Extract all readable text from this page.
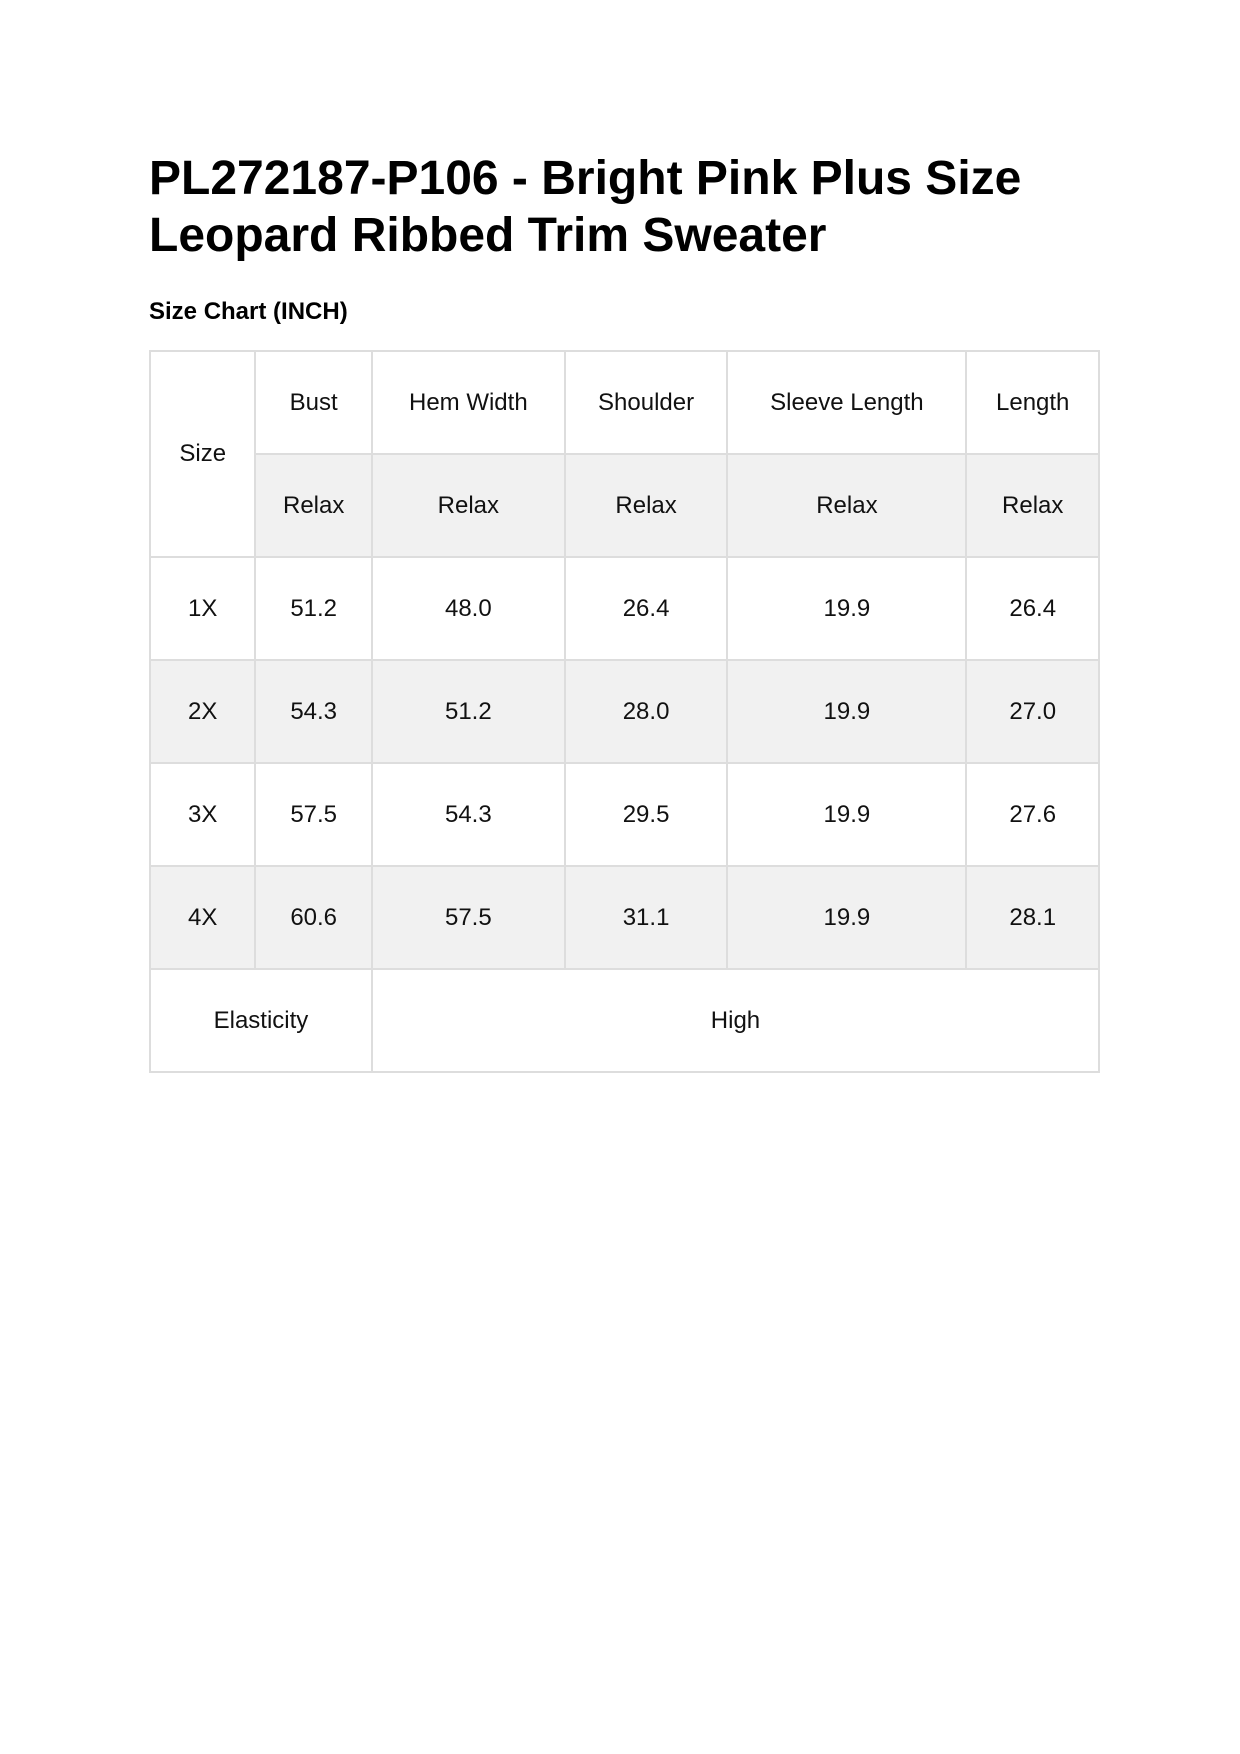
PL272187-P106 - Bright Pink Plus Size Leopard Ribbed Trim Sweater
Size Chart (INCH)
Size	Bust	Hem Width	Shoulder	Sleeve Length	Length
	Relax	Relax	Relax	Relax	Relax
1X	51.2	48.0	26.4	19.9	26.4
2X	54.3	51.2	28.0	19.9	27.0
3X	57.5	54.3	29.5	19.9	27.6
4X	60.6	57.5	31.1	19.9	28.1
Elasticity		High			
